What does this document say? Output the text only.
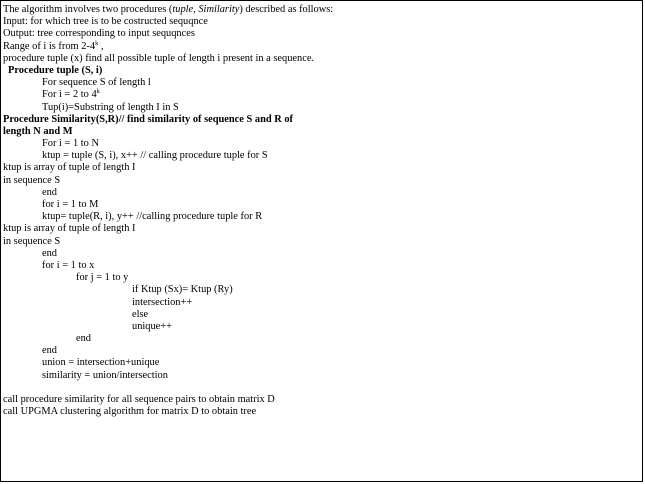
The algorithm involves two procedures (tuple, Similarity) described as follows:
Input: for which tree is to be costructed sequqnce
Output: tree corresponding to input sequqnces
Range of i is from 2-4$^k$ ,
procedure tuple (x) find all possible tuple of length i present in a sequence.
Procedure tuple (S, i)
For sequence S of length l
For i = 2 to 4$^k$
Tup(i)=Substring of length I in S
Procedure Similarity(S,R)// find similarity of sequence S and R of
length N and M
For i = 1 to N
ktup = tuple (S, i), x++ // calling procedure tuple for S
ktup is array of tuple of length I
in sequence S
end
for i = 1 to M
ktup= tuple(R, i), y++ //calling procedure tuple for R
ktup is array of tuple of length I
in sequence S
end
for i = 1 to x
for j = 1 to y
if Ktup (Sx)= Ktup (Ry)
intersection++
else
unique++
end
end
union = intersection+unique
similarity = union/intersection
call procedure similarity for all sequence pairs to obtain matrix D
call UPGMA clustering algorithm for matrix D to obtain tree
